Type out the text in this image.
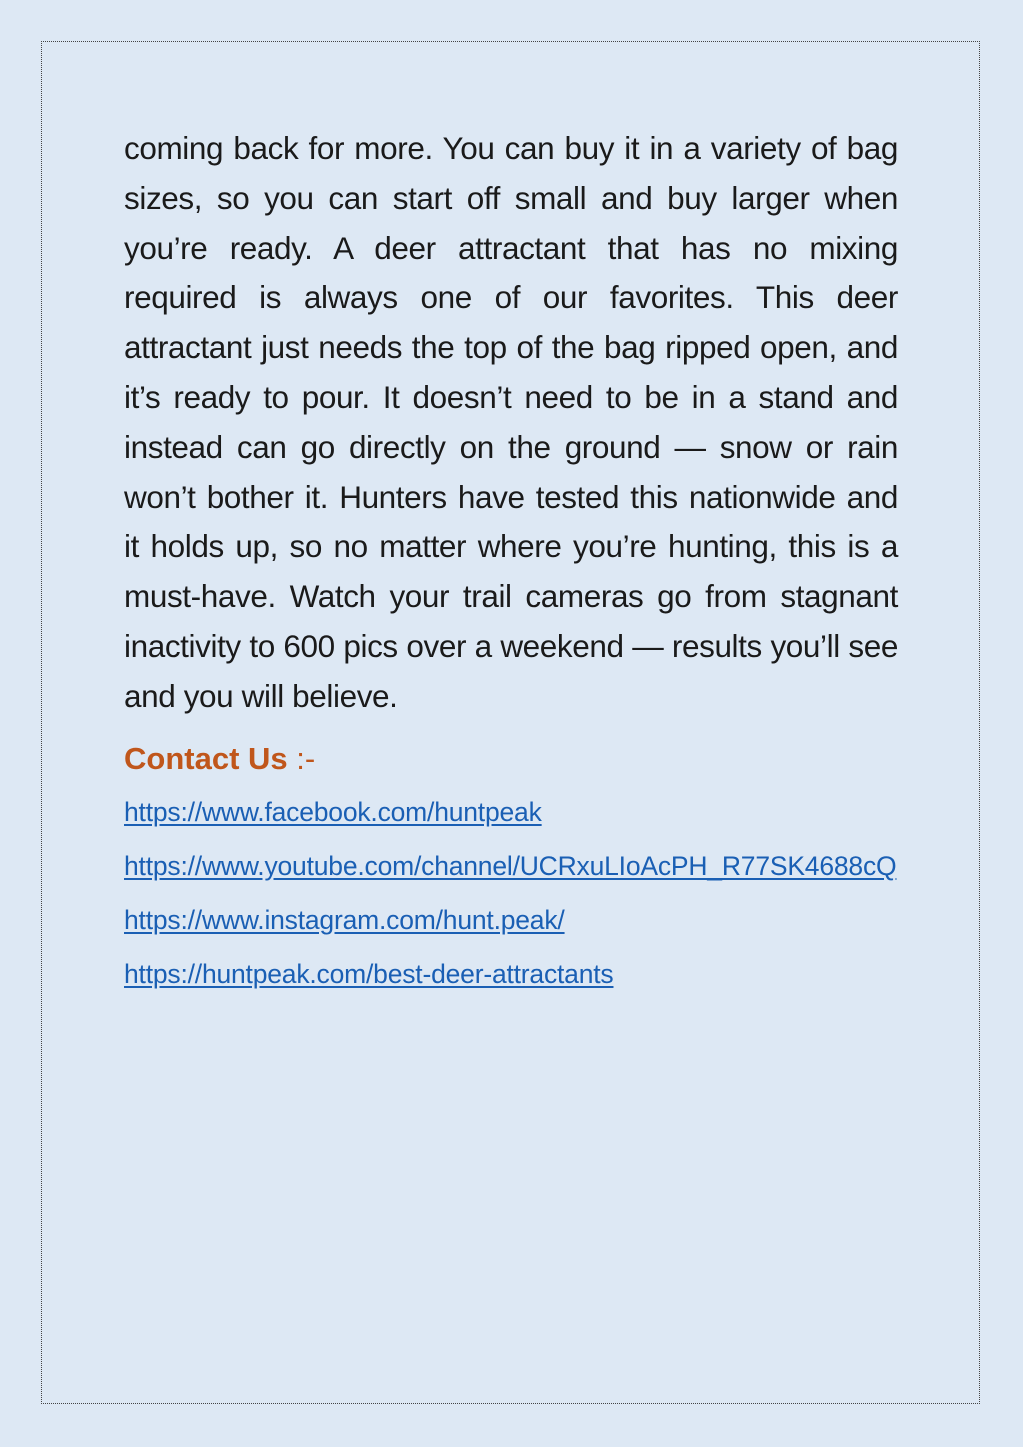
coming back for more. You can buy it in a variety of bag sizes, so you can start off small and buy larger when you’re ready. A deer attractant that has no mixing required is always one of our favorites. This deer attractant just needs the top of the bag ripped open, and it’s ready to pour. It doesn’t need to be in a stand and instead can go directly on the ground — snow or rain won’t bother it. Hunters have tested this nationwide and it holds up, so no matter where you’re hunting, this is a must-have. Watch your trail cameras go from stagnant inactivity to 600 pics over a weekend — results you’ll see and you will believe.

Contact Us :-
https://www.facebook.com/huntpeak
https://www.youtube.com/channel/UCRxuLIoAcPH_R77SK4688cQ
https://www.instagram.com/hunt.peak/
https://huntpeak.com/best-deer-attractants
